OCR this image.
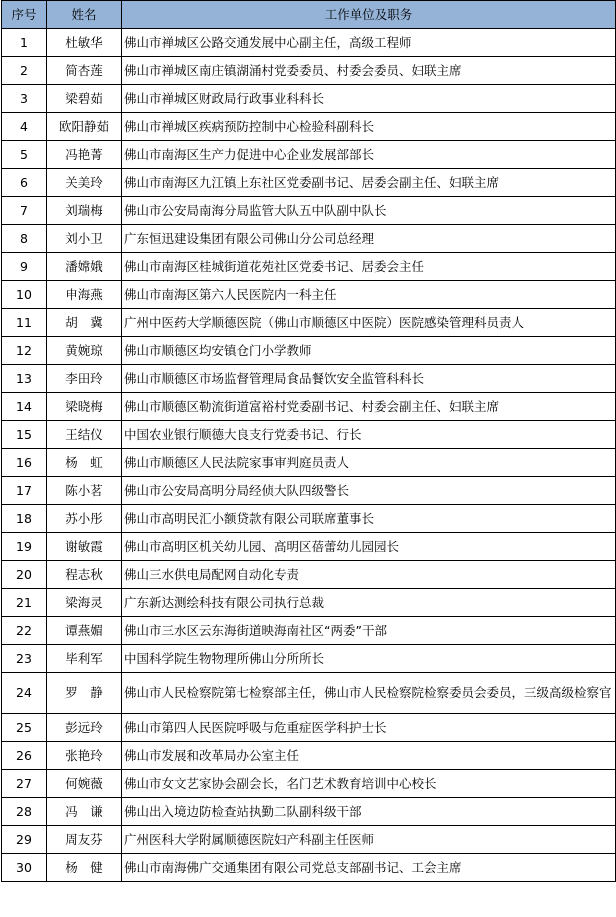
序号	姓名	工作单位及职务
1	杜敏华	佛山市禅城区公路交通发展中心副主任，高级工程师
2	简杏莲	佛山市禅城区南庄镇湖涌村党委委员、村委会委员、妇联主席
3	梁碧茹	佛山市禅城区财政局行政事业科科长
4	欧阳静茹	佛山市禅城区疾病预防控制中心检验科副科长
5	冯艳菁	佛山市南海区生产力促进中心企业发展部部长
6	关美玲	佛山市南海区九江镇上东社区党委副书记、居委会副主任、妇联主席
7	刘瑞梅	佛山市公安局南海分局监管大队五中队副中队长
8	刘小卫	广东恒迅建设集团有限公司佛山分公司总经理
9	潘嫦娥	佛山市南海区桂城街道花苑社区党委书记、居委会主任
10	申海燕	佛山市南海区第六人民医院内一科主任
11	胡　冀	广州中医药大学顺德医院（佛山市顺德区中医院）医院感染管理科员责人
12	黄婉琼	佛山市顺德区均安镇仓门小学教师
13	李田玲	佛山市顺德区市场监督管理局食品餐饮安全监管科科长
14	梁晓梅	佛山市顺德区勒流街道富裕村党委副书记、村委会副主任、妇联主席
15	王结仪	中国农业银行顺德大良支行党委书记、行长
16	杨　虹	佛山市顺德区人民法院家事审判庭员责人
17	陈小茗	佛山市公安局高明分局经侦大队四级警长
18	苏小彤	佛山市高明民汇小额贷款有限公司联席董事长
19	谢敏霞	佛山市高明区机关幼儿园、高明区蓓蕾幼儿园园长
20	程志秋	佛山三水供电局配网自动化专责
21	梁海灵	广东新达测绘科技有限公司执行总裁
22	谭燕媚	佛山市三水区云东海街道映海南社区“两委”干部
23	毕利军	中国科学院生物物理所佛山分所所长
24	罗　静	佛山市人民检察院第七检察部主任，佛山市人民检察院检察委员会委员，三级高级检察官
25	彭远玲	佛山市第四人民医院呼吸与危重症医学科护士长
26	张艳玲	佛山市发展和改革局办公室主任
27	何婉薇	佛山市女文艺家协会副会长，名门艺术教育培训中心校长
28	冯　谦	佛山出入境边防检查站执勤二队副科级干部
29	周友芬	广州医科大学附属顺德医院妇产科副主任医师
30	杨　健	佛山市南海佛广交通集团有限公司党总支部副书记、工会主席
